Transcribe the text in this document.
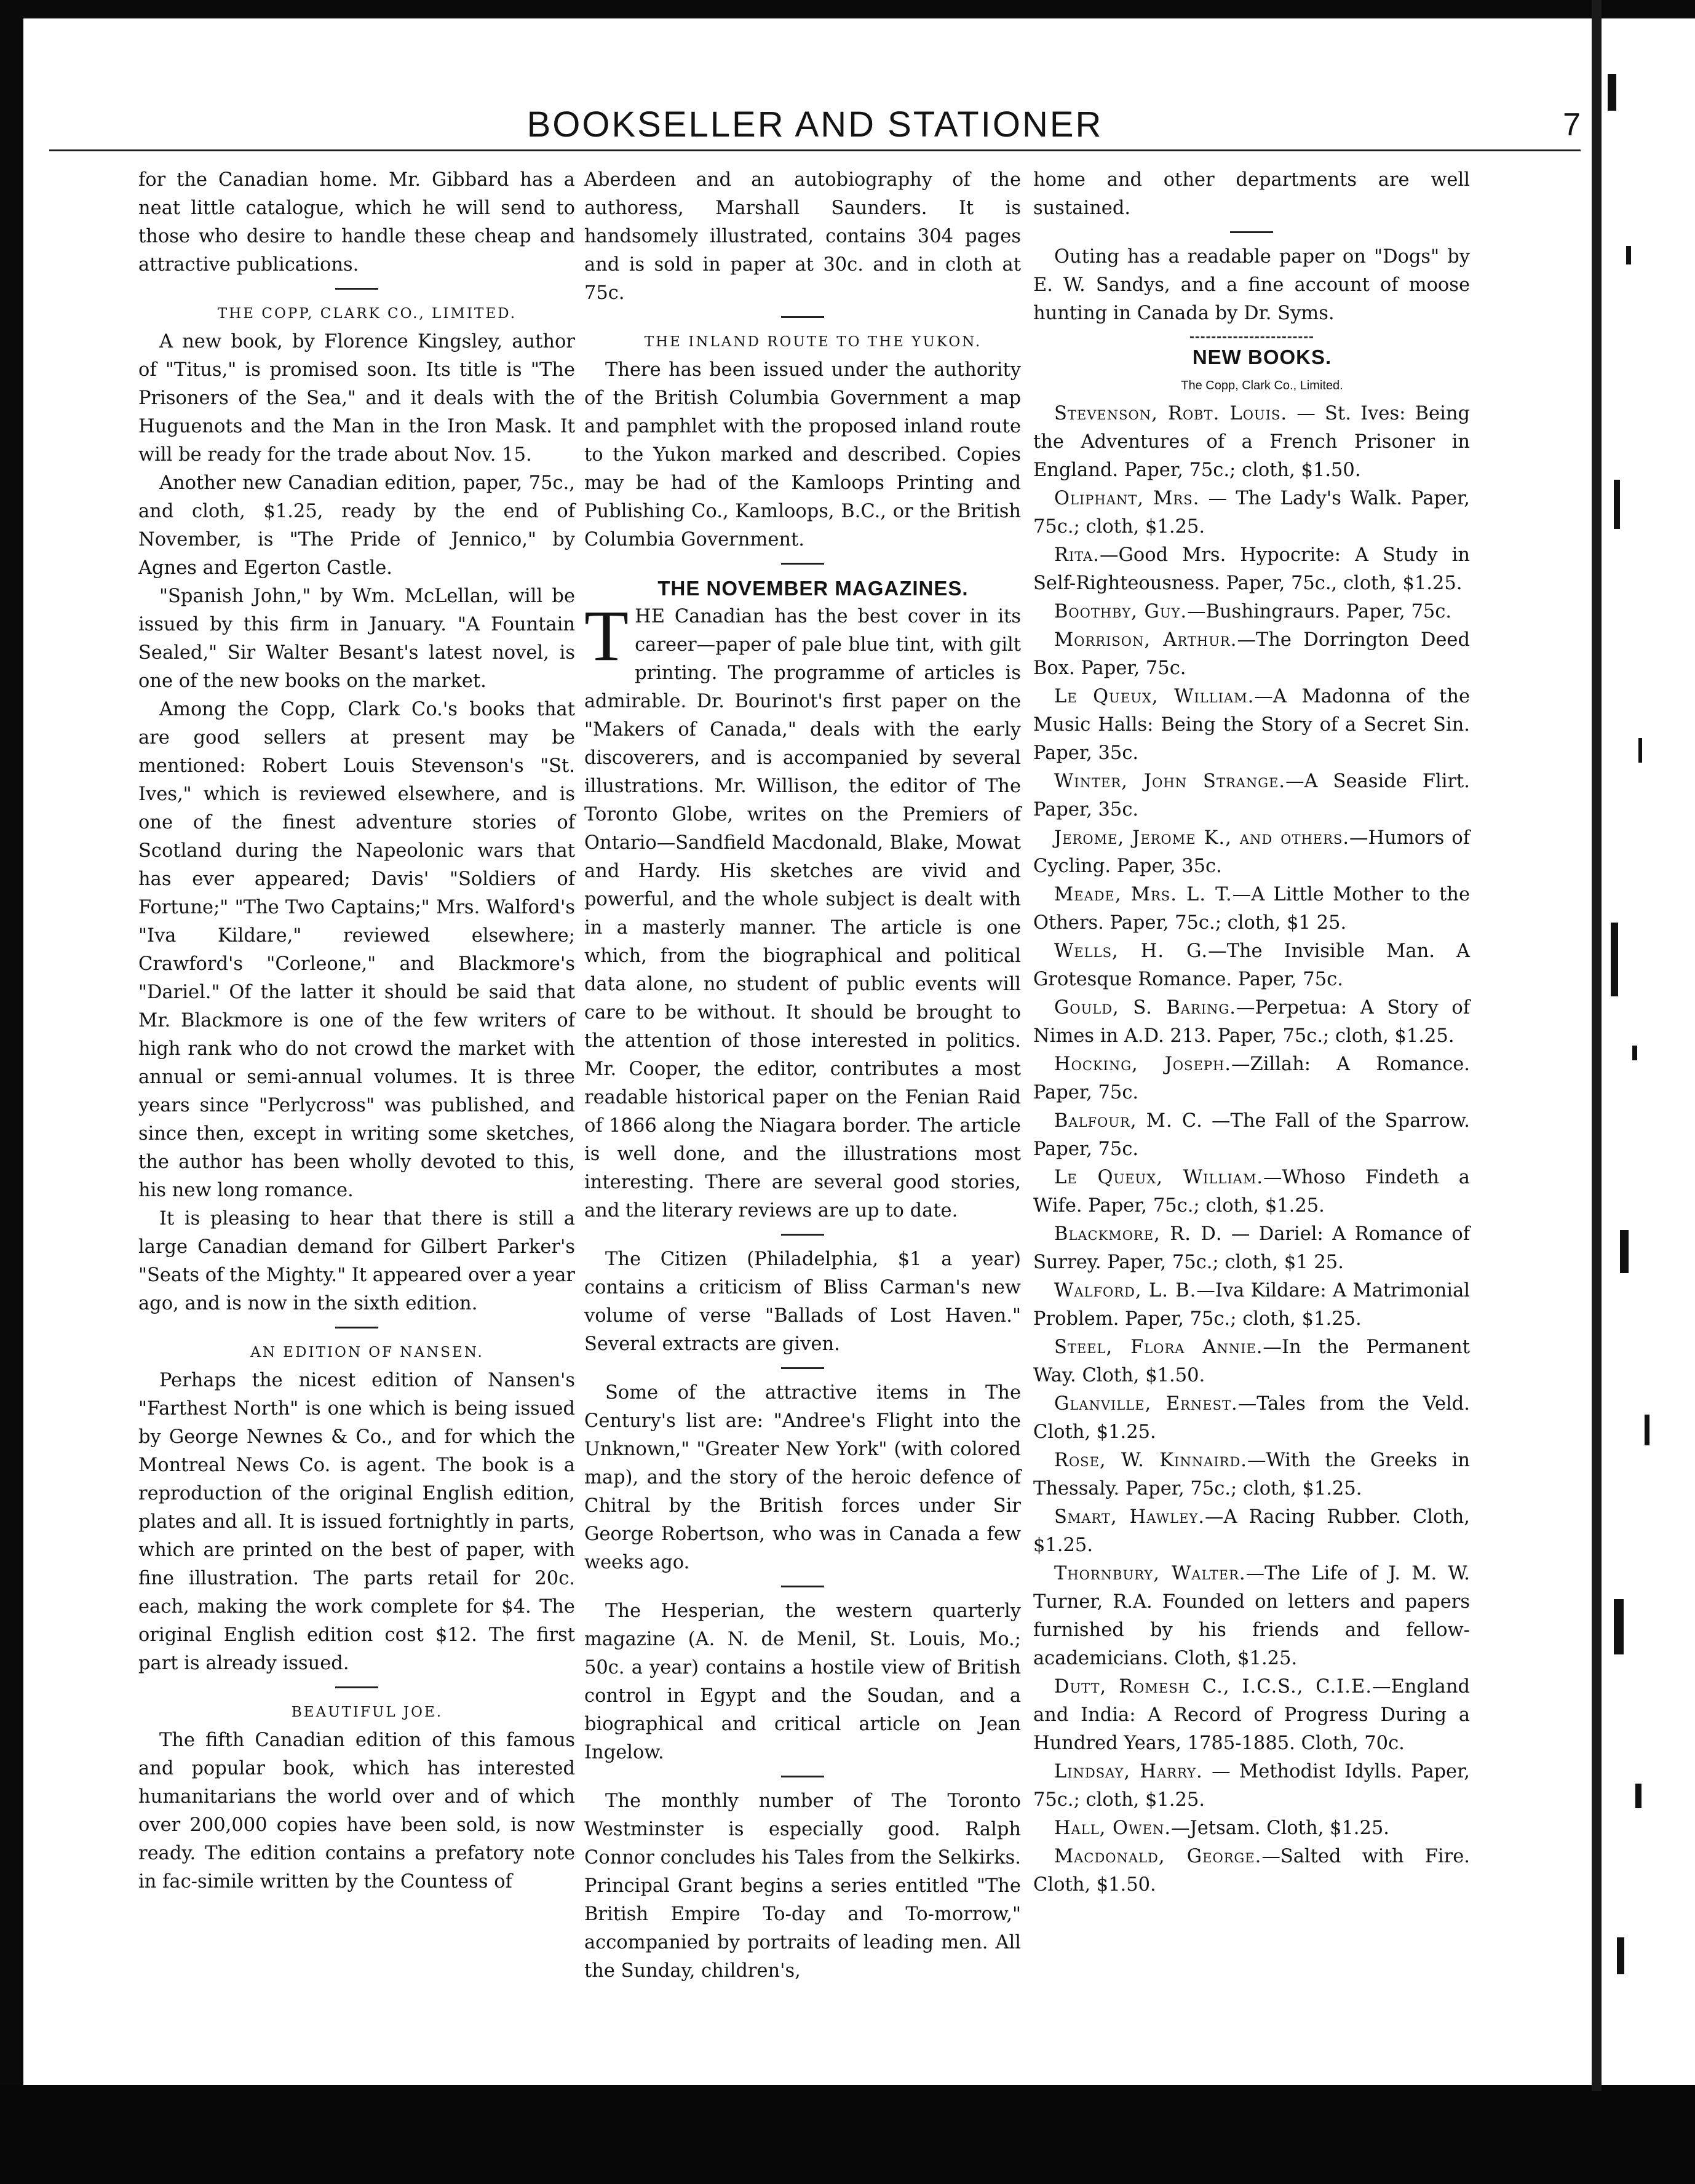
BOOKSELLER AND STATIONER	7

for the Canadian home. Mr. Gibbard has a neat little catalogue, which he will send to those who desire to handle these cheap and attractive publications.

THE COPP, CLARK CO., LIMITED.

A new book, by Florence Kingsley, author of "Titus," is promised soon. Its title is "The Prisoners of the Sea," and it deals with the Huguenots and the Man in the Iron Mask. It will be ready for the trade about Nov. 15.

Another new Canadian edition, paper, 75c., and cloth, $1.25, ready by the end of November, is "The Pride of Jennico," by Agnes and Egerton Castle.

"Spanish John," by Wm. McLellan, will be issued by this firm in January. "A Fountain Sealed," Sir Walter Besant's latest novel, is one of the new books on the market.

Among the Copp, Clark Co.'s books that are good sellers at present may be mentioned: Robert Louis Stevenson's "St. Ives," which is reviewed elsewhere, and is one of the finest adventure stories of Scotland during the Napeolonic wars that has ever appeared; Davis' "Soldiers of Fortune;" "The Two Captains;" Mrs. Walford's "Iva Kildare," reviewed elsewhere; Crawford's "Corleone," and Blackmore's "Dariel." Of the latter it should be said that Mr. Blackmore is one of the few writers of high rank who do not crowd the market with annual or semi-annual volumes. It is three years since "Perlycross" was published, and since then, except in writing some sketches, the author has been wholly devoted to this, his new long romance.

It is pleasing to hear that there is still a large Canadian demand for Gilbert Parker's "Seats of the Mighty." It appeared over a year ago, and is now in the sixth edition.

AN EDITION OF NANSEN.

Perhaps the nicest edition of Nansen's "Farthest North" is one which is being issued by George Newnes & Co., and for which the Montreal News Co. is agent. The book is a reproduction of the original English edition, plates and all. It is issued fortnightly in parts, which are printed on the best of paper, with fine illustration. The parts retail for 20c. each, making the work complete for $4. The original English edition cost $12. The first part is already issued.

BEAUTIFUL JOE.

The fifth Canadian edition of this famous and popular book, which has interested humanitarians the world over and of which over 200,000 copies have been sold, is now ready. The edition contains a prefatory note in fac-simile written by the Countess of

Aberdeen and an autobiography of the authoress, Marshall Saunders. It is handsomely illustrated, contains 304 pages and is sold in paper at 30c. and in cloth at 75c.

THE INLAND ROUTE TO THE YUKON.

There has been issued under the authority of the British Columbia Government a map and pamphlet with the proposed inland route to the Yukon marked and described. Copies may be had of the Kamloops Printing and Publishing Co., Kamloops, B.C., or the British Columbia Government.

THE NOVEMBER MAGAZINES.

THE Canadian has the best cover in its career—paper of pale blue tint, with gilt printing. The programme of articles is admirable. Dr. Bourinot's first paper on the "Makers of Canada," deals with the early discoverers, and is accompanied by several illustrations. Mr. Willison, the editor of The Toronto Globe, writes on the Premiers of Ontario—Sandfield Macdonald, Blake, Mowat and Hardy. His sketches are vivid and powerful, and the whole subject is dealt with in a masterly manner. The article is one which, from the biographical and political data alone, no student of public events will care to be without. It should be brought to the attention of those interested in politics. Mr. Cooper, the editor, contributes a most readable historical paper on the Fenian Raid of 1866 along the Niagara border. The article is well done, and the illustrations most interesting. There are several good stories, and the literary reviews are up to date.

The Citizen (Philadelphia, $1 a year) contains a criticism of Bliss Carman's new volume of verse "Ballads of Lost Haven." Several extracts are given.

Some of the attractive items in The Century's list are: "Andree's Flight into the Unknown," "Greater New York" (with colored map), and the story of the heroic defence of Chitral by the British forces under Sir George Robertson, who was in Canada a few weeks ago.

The Hesperian, the western quarterly magazine (A. N. de Menil, St. Louis, Mo.; 50c. a year) contains a hostile view of British control in Egypt and the Soudan, and a biographical and critical article on Jean Ingelow.

The monthly number of The Toronto Westminster is especially good. Ralph Connor concludes his Tales from the Selkirks. Principal Grant begins a series entitled "The British Empire To-day and To-morrow," accompanied by portraits of leading men. All the Sunday, children's,

home and other departments are well sustained.

Outing has a readable paper on "Dogs" by E. W. Sandys, and a fine account of moose hunting in Canada by Dr. Syms.

NEW BOOKS.

The Copp, Clark Co., Limited.

Stevenson, Robt. Louis. — St. Ives: Being the Adventures of a French Prisoner in England. Paper, 75c.; cloth, $1.50.

Oliphant, Mrs. — The Lady's Walk. Paper, 75c.; cloth, $1.25.

Rita.—Good Mrs. Hypocrite: A Study in Self-Righteousness. Paper, 75c., cloth, $1.25.

Boothby, Guy.—Bushingraurs. Paper, 75c.

Morrison, Arthur.—The Dorrington Deed Box. Paper, 75c.

Le Queux, William.—A Madonna of the Music Halls: Being the Story of a Secret Sin. Paper, 35c.

Winter, John Strange.—A Seaside Flirt. Paper, 35c.

Jerome, Jerome K., and others.—Humors of Cycling. Paper, 35c.

Meade, Mrs. L. T.—A Little Mother to the Others. Paper, 75c.; cloth, $1 25.

Wells, H. G.—The Invisible Man. A Grotesque Romance. Paper, 75c.

Gould, S. Baring.—Perpetua: A Story of Nimes in A.D. 213. Paper, 75c.; cloth, $1.25.

Hocking, Joseph.—Zillah: A Romance. Paper, 75c.

Balfour, M. C. —The Fall of the Sparrow. Paper, 75c.

Le Queux, William.—Whoso Findeth a Wife. Paper, 75c.; cloth, $1.25.

Blackmore, R. D. — Dariel: A Romance of Surrey. Paper, 75c.; cloth, $1 25.

Walford, L. B.—Iva Kildare: A Matrimonial Problem. Paper, 75c.; cloth, $1.25.

Steel, Flora Annie.—In the Permanent Way. Cloth, $1.50.

Glanville, Ernest.—Tales from the Veld. Cloth, $1.25.

Rose, W. Kinnaird.—With the Greeks in Thessaly. Paper, 75c.; cloth, $1.25.

Smart, Hawley.—A Racing Rubber. Cloth, $1.25.

Thornbury, Walter.—The Life of J. M. W. Turner, R.A. Founded on letters and papers furnished by his friends and fellow-academicians. Cloth, $1.25.

Dutt, Romesh C., I.C.S., C.I.E.—England and India: A Record of Progress During a Hundred Years, 1785-1885. Cloth, 70c.

Lindsay, Harry. — Methodist Idylls. Paper, 75c.; cloth, $1.25.

Hall, Owen.—Jetsam. Cloth, $1.25.

Macdonald, George.—Salted with Fire. Cloth, $1.50.
